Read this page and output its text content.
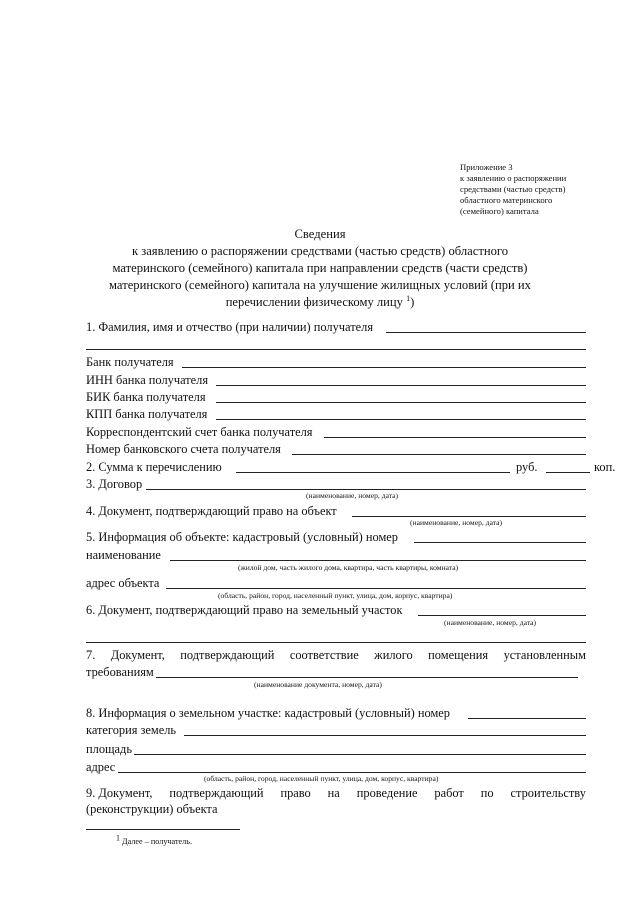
Приложение 3
к заявлению о распоряжении
средствами (частью средств)
областного материнского
(семейного) капитала
Сведения
к заявлению о распоряжении средствами (частью средств) областного
материнского (семейного) капитала при направлении средств (части средств)
материнского (семейного) капитала на улучшение жилищных условий (при их
перечислении физическому лицу $^1$)
1. Фамилия, имя и отчество (при наличии) получателя
Банк получателя
ИНН банка получателя
БИК банка получателя
КПП банка получателя
Корреспондентский счет банка получателя
Номер банковского счета получателя
2. Сумма к перечислению	руб.	коп.
3. Договор
(наименование, номер, дата)
4. Документ, подтверждающий право на объект
(наименование, номер, дата)
5. Информация об объекте: кадастровый (условный) номер
наименование
(жилой дом, часть жилого дома, квартира, часть квартиры, комната)
адрес объекта
(область, район, город, населенный пункт, улица, дом, корпус, квартира)
6. Документ, подтверждающий право на земельный участок
(наименование, номер, дата)
7. Документ, подтверждающий соответствие жилого помещения установленным
требованиям
(наименование документа, номер, дата)
8. Информация о земельном участке: кадастровый (условный) номер
категория земель
площадь
адрес
(область, район, город, населенный пункт, улица, дом, корпус, квартира)
9. Документ, подтверждающий право на проведение работ по строительству
(реконструкции) объекта
$^1$ Далее – получатель.
